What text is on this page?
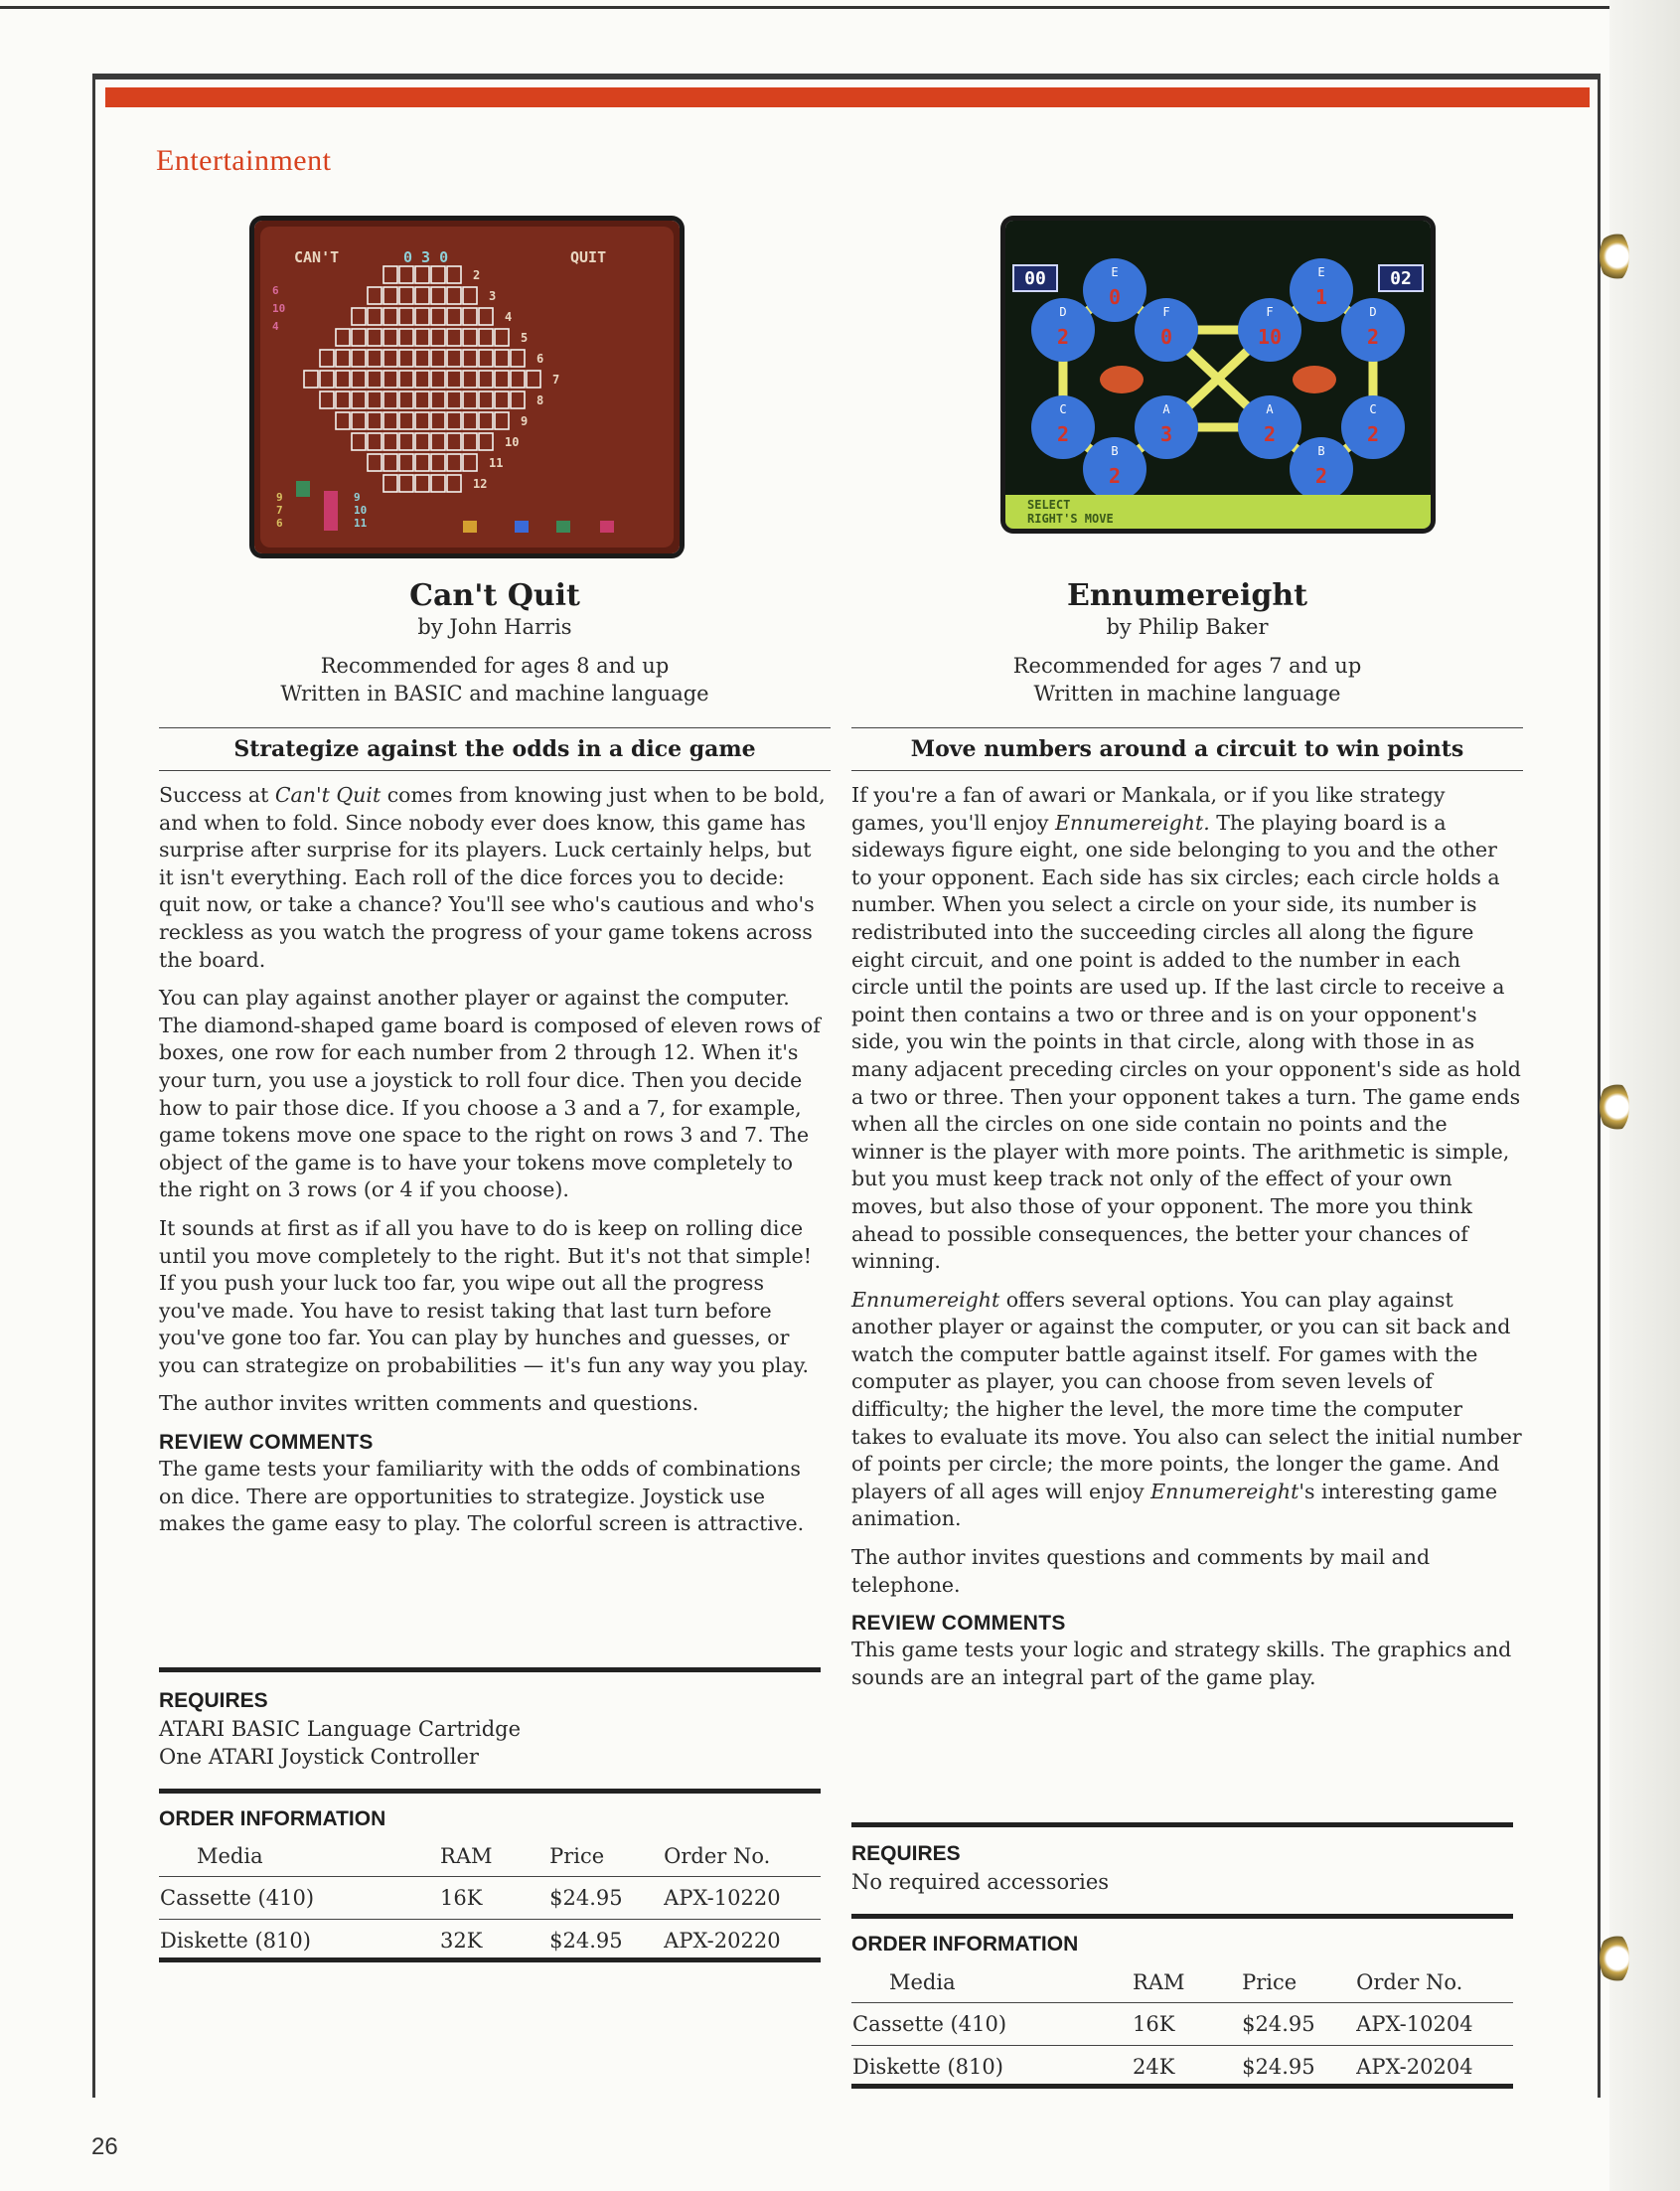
Entertainment
CAN'T	0 3 0	QUIT
2
3
4
5
6
7
8
9
10
11
12
6
10
4
9
7
6
9
10
11
Can't Quit
by John Harris
Recommended for ages 8 and up
Written in BASIC and machine language
Strategize against the odds in a dice game

Success at Can't Quit comes from knowing just when to be bold, and when to fold. Since nobody ever does know, this game has surprise after surprise for its players. Luck certainly helps, but it isn't everything. Each roll of the dice forces you to decide: quit now, or take a chance? You'll see who's cautious and who's reckless as you watch the progress of your game tokens across the board.

You can play against another player or against the computer. The diamond-shaped game board is composed of eleven rows of boxes, one row for each number from 2 through 12. When it's your turn, you use a joystick to roll four dice. Then you decide how to pair those dice. If you choose a 3 and a 7, for example, game tokens move one space to the right on rows 3 and 7. The object of the game is to have your tokens move completely to the right on 3 rows (or 4 if you choose).

It sounds at first as if all you have to do is keep on rolling dice until you move completely to the right. But it's not that simple! If you push your luck too far, you wipe out all the progress you've made. You have to resist taking that last turn before you've gone too far. You can play by hunches and guesses, or you can strategize on probabilities — it's fun any way you play.

The author invites written comments and questions.

REVIEW COMMENTS

The game tests your familiarity with the odds of combinations on dice. There are opportunities to strategize. Joystick use makes the game easy to play. The colorful screen is attractive.

REQUIRES
ATARI BASIC Language Cartridge
One ATARI Joystick Controller
ORDER INFORMATION
Media	RAM	Price	Order No.
Cassette (410)	16K	$24.95	APX-10220
Diskette (810)	32K	$24.95	APX-20220
E
0
F
0
D
2
C
2
B
2
A
3
A
2
B
2
C
2
D
2
F
10
E
1
00	02
SELECT
RIGHT'S MOVE
Ennumereight
by Philip Baker
Recommended for ages 7 and up
Written in machine language
Move numbers around a circuit to win points

If you're a fan of awari or Mankala, or if you like strategy games, you'll enjoy Ennumereight. The playing board is a sideways figure eight, one side belonging to you and the other to your opponent. Each side has six circles; each circle holds a number. When you select a circle on your side, its number is redistributed into the succeeding circles all along the figure eight circuit, and one point is added to the number in each circle until the points are used up. If the last circle to receive a point then contains a two or three and is on your opponent's side, you win the points in that circle, along with those in as many adjacent preceding circles on your opponent's side as hold a two or three. Then your opponent takes a turn. The game ends when all the circles on one side contain no points and the winner is the player with more points. The arithmetic is simple, but you must keep track not only of the effect of your own moves, but also those of your opponent. The more you think ahead to possible consequences, the better your chances of winning.

Ennumereight offers several options. You can play against another player or against the computer, or you can sit back and watch the computer battle against itself. For games with the computer as player, you can choose from seven levels of difficulty; the higher the level, the more time the computer takes to evaluate its move. You also can select the initial number of points per circle; the more points, the longer the game. And players of all ages will enjoy Ennumereight's interesting game animation.

The author invites questions and comments by mail and telephone.

REVIEW COMMENTS

This game tests your logic and strategy skills. The graphics and sounds are an integral part of the game play.

REQUIRES
No required accessories
ORDER INFORMATION
Media	RAM	Price	Order No.
Cassette (410)	16K	$24.95	APX-10204
Diskette (810)	24K	$24.95	APX-20204
26
